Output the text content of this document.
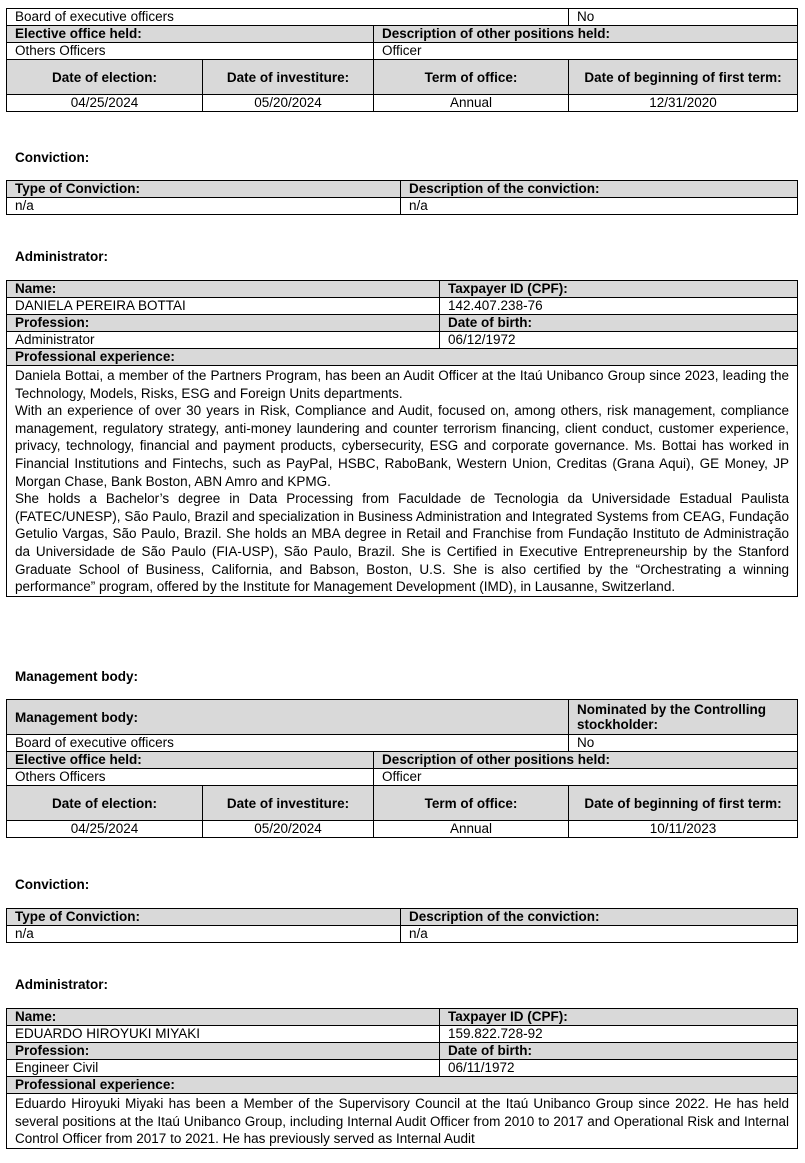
Board of executive officers			No
Elective office held:		Description of other positions held:	
Others Officers		Officer	
Date of election:	Date of investiture:	Term of office:	Date of beginning of first term:
04/25/2024	05/20/2024	Annual	12/31/2020
Conviction:
Type of Conviction:	Description of the conviction:
n/a	n/a
Administrator:
Name:	Taxpayer ID (CPF):
DANIELA PEREIRA BOTTAI	142.407.238-76
Profession:	Date of birth:
Administrator	06/12/1972
Professional experience:	

Daniela Bottai, a member of the Partners Program, has been an Audit Officer at the Itaú Unibanco Group since 2023, leading the Technology, Models, Risks, ESG and Foreign Units departments.

With an experience of over 30 years in Risk, Compliance and Audit, focused on, among others, risk management, compliance management, regulatory strategy, anti-money laundering and counter terrorism financing, client conduct, customer experience, privacy, technology, financial and payment products, cybersecurity, ESG and corporate governance. Ms. Bottai has worked in Financial Institutions and Fintechs, such as PayPal, HSBC, RaboBank, Western Union, Creditas (Grana Aqui), GE Money, JP Morgan Chase, Bank Boston, ABN Amro and KPMG.

She holds a Bachelor’s degree in Data Processing from Faculdade de Tecnologia da Universidade Estadual Paulista (FATEC/UNESP), São Paulo, Brazil and specialization in Business Administration and Integrated Systems from CEAG, Fundação Getulio Vargas, São Paulo, Brazil. She holds an MBA degree in Retail and Franchise from Fundação Instituto de Administração da Universidade de São Paulo (FIA-USP), São Paulo, Brazil. She is Certified in Executive Entrepreneurship by the Stanford Graduate School of Business, California, and Babson, Boston, U.S. She is also certified by the “Orchestrating a winning performance” program, offered by the Institute for Management Development (IMD), in Lausanne, Switzerland.	

Management body:
Management body:			Nominated by the Controlling stockholder:
Board of executive officers			No
Elective office held:		Description of other positions held:	
Others Officers		Officer	
Date of election:	Date of investiture:	Term of office:	Date of beginning of first term:
04/25/2024	05/20/2024	Annual	10/11/2023
Conviction:
Type of Conviction:	Description of the conviction:
n/a	n/a
Administrator:
Name:	Taxpayer ID (CPF):
EDUARDO HIROYUKI MIYAKI	159.822.728-92
Profession:	Date of birth:
Engineer Civil	06/11/1972
Professional experience:	

Eduardo Hiroyuki Miyaki has been a Member of the Supervisory Council at the Itaú Unibanco Group since 2022. He has held several positions at the Itaú Unibanco Group, including Internal Audit Officer from 2010 to 2017 and Operational Risk and Internal Control Officer from 2017 to 2021. He has previously served as Internal Audit	
